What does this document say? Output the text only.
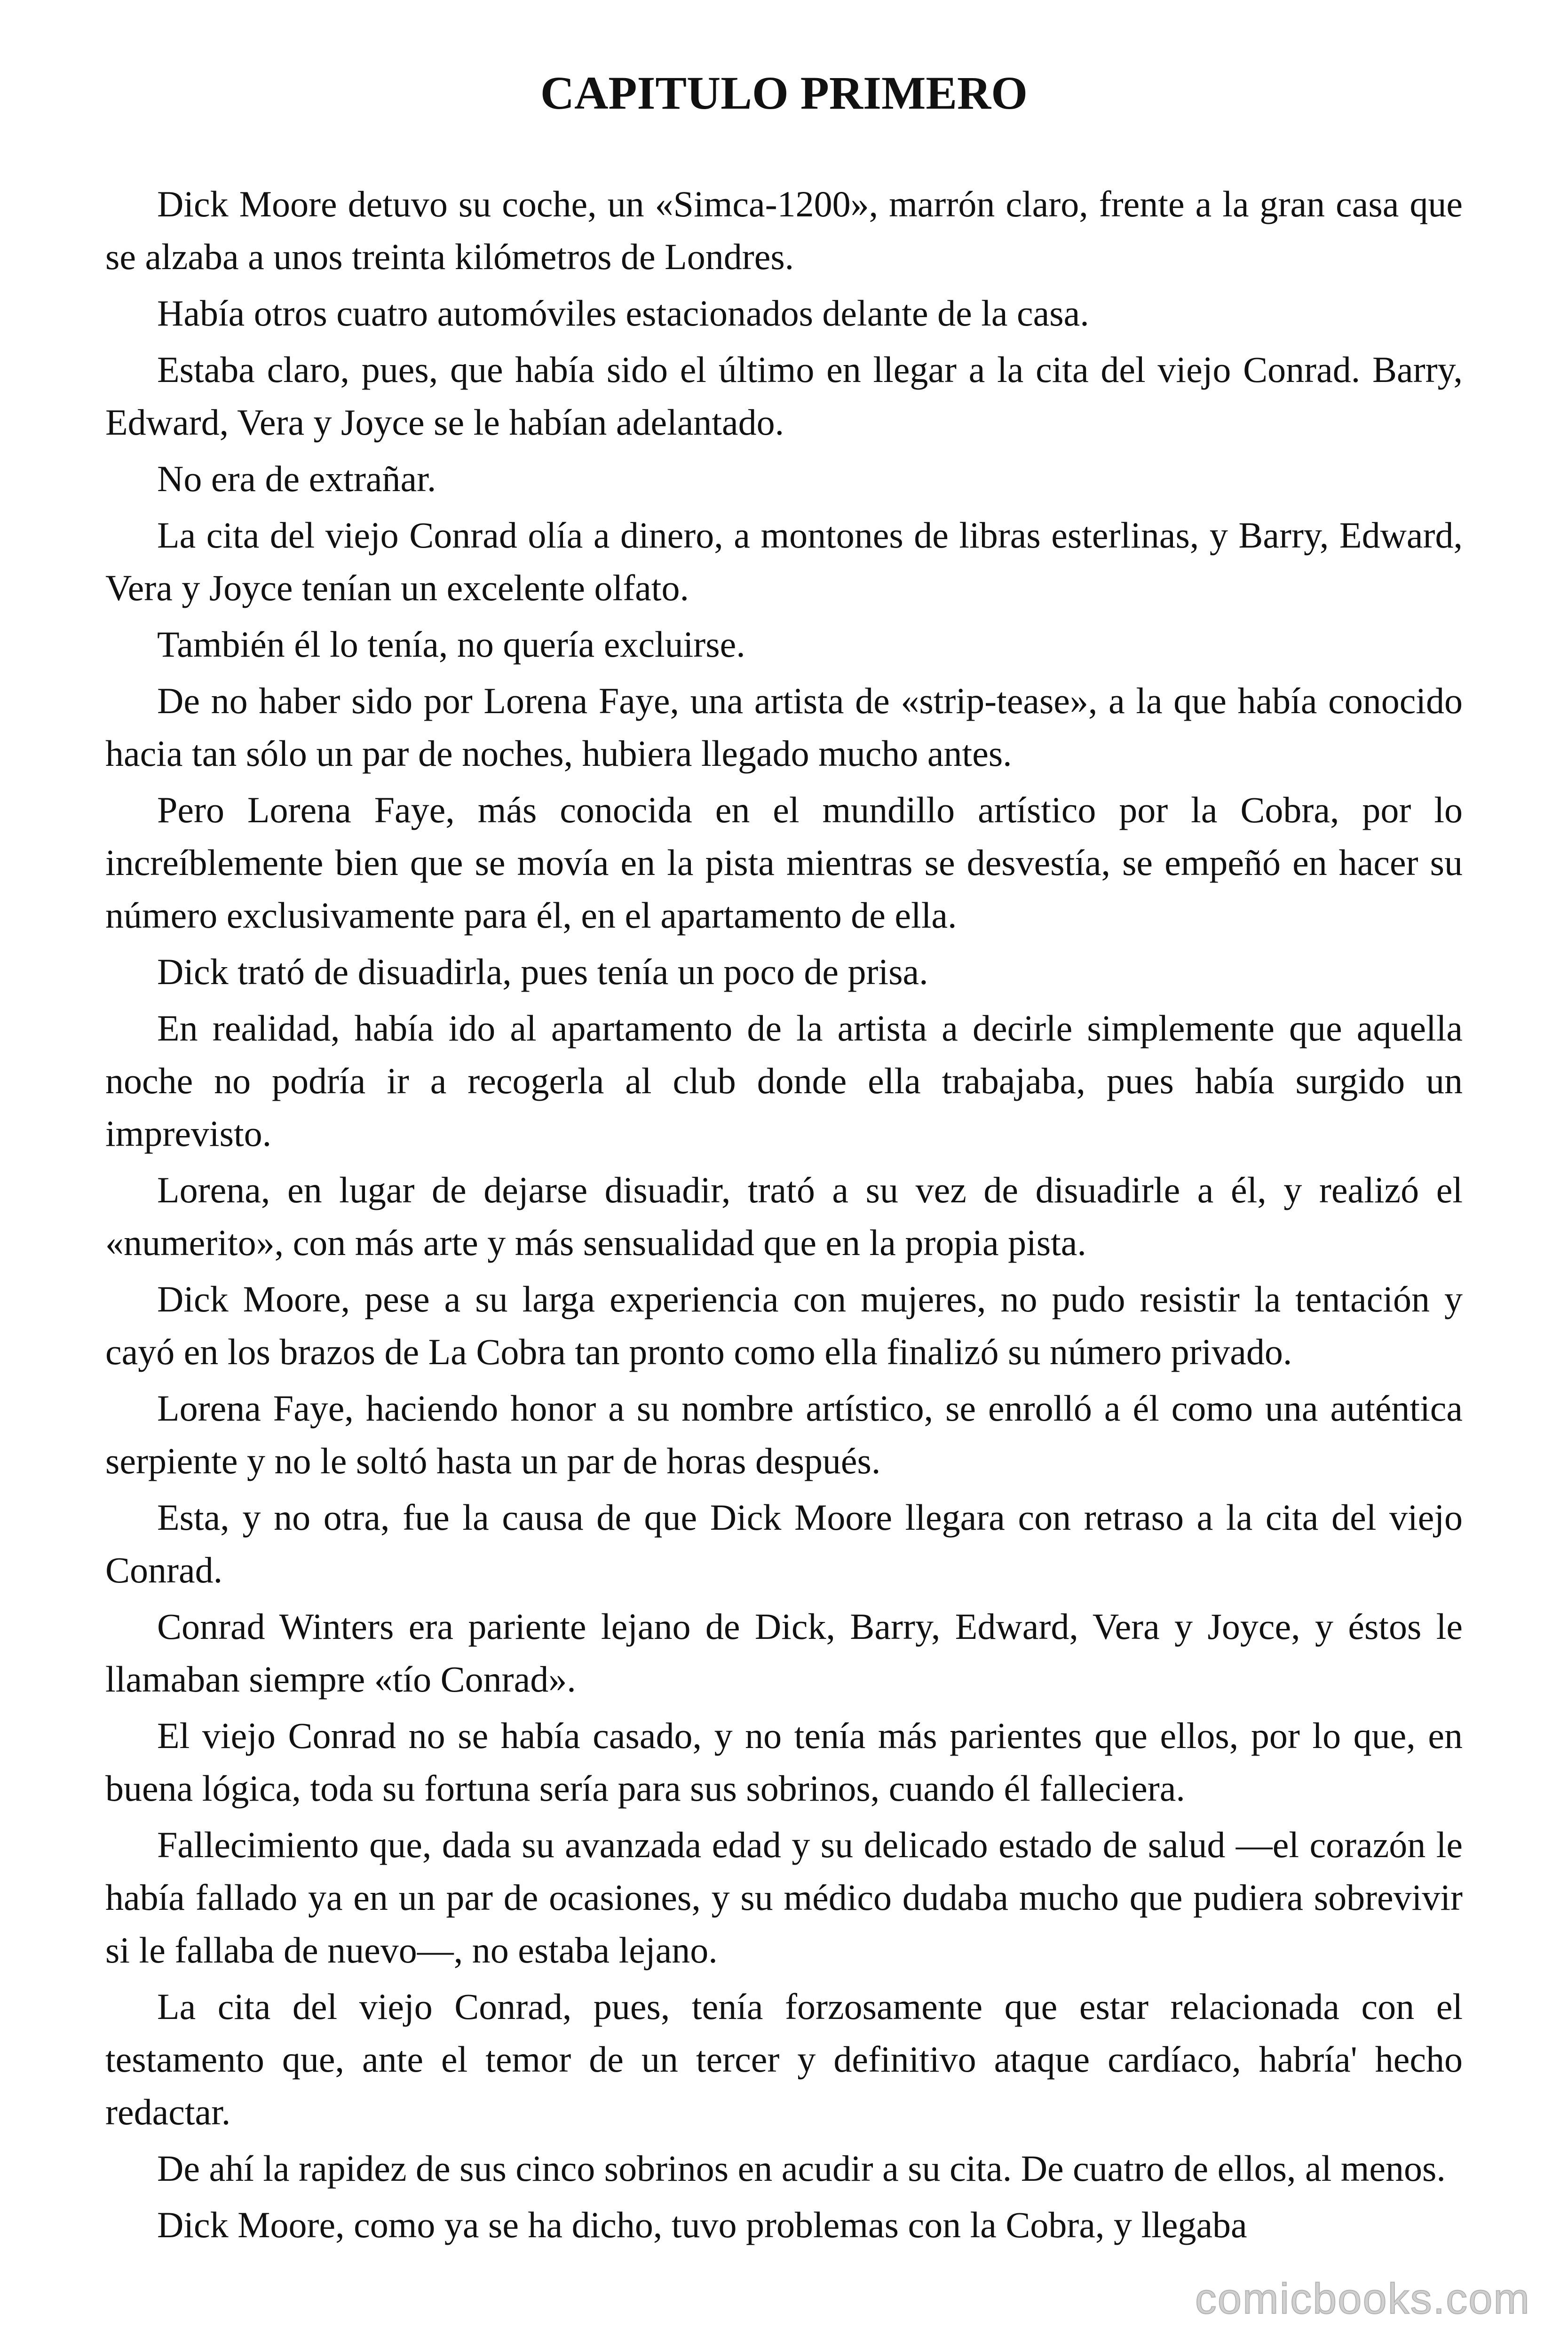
CAPITULO PRIMERO

Dick Moore detuvo su coche, un «Simca-1200», marrón claro, frente a la gran casa que se alzaba a unos treinta kilómetros de Londres.

Había otros cuatro automóviles estacionados delante de la casa.

Estaba claro, pues, que había sido el último en llegar a la cita del viejo Conrad. Barry, Edward, Vera y Joyce se le habían adelantado.

No era de extrañar.

La cita del viejo Conrad olía a dinero, a montones de libras esterlinas, y Barry, Edward, Vera y Joyce tenían un excelente olfato.

También él lo tenía, no quería excluirse.

De no haber sido por Lorena Faye, una artista de «strip-tease», a la que había conocido hacia tan sólo un par de noches, hubiera llegado mucho antes.

Pero Lorena Faye, más conocida en el mundillo artístico por la Cobra, por lo increíblemente bien que se movía en la pista mientras se desvestía, se empeñó en hacer su número exclusivamente para él, en el apartamento de ella.

Dick trató de disuadirla, pues tenía un poco de prisa.

En realidad, había ido al apartamento de la artista a decirle simplemente que aquella noche no podría ir a recogerla al club donde ella trabajaba, pues había surgido un imprevisto.

Lorena, en lugar de dejarse disuadir, trató a su vez de disuadirle a él, y realizó el «numerito», con más arte y más sensualidad que en la propia pista.

Dick Moore, pese a su larga experiencia con mujeres, no pudo resistir la tentación y cayó en los brazos de La Cobra tan pronto como ella finalizó su número privado.

Lorena Faye, haciendo honor a su nombre artístico, se enrolló a él como una auténtica serpiente y no le soltó hasta un par de horas después.

Esta, y no otra, fue la causa de que Dick Moore llegara con retraso a la cita del viejo Conrad.

Conrad Winters era pariente lejano de Dick, Barry, Edward, Vera y Joyce, y éstos le llamaban siempre «tío Conrad».

El viejo Conrad no se había casado, y no tenía más parientes que ellos, por lo que, en buena lógica, toda su fortuna sería para sus sobrinos, cuando él falleciera.

Fallecimiento que, dada su avanzada edad y su delicado estado de salud —el corazón le había fallado ya en un par de ocasiones, y su médico dudaba mucho que pudiera sobrevivir si le fallaba de nuevo—, no estaba lejano.

La cita del viejo Conrad, pues, tenía forzosamente que estar relacionada con el testamento que, ante el temor de un tercer y definitivo ataque cardíaco, habría' hecho redactar.

De ahí la rapidez de sus cinco sobrinos en acudir a su cita. De cuatro de ellos, al menos.

Dick Moore, como ya se ha dicho, tuvo problemas con la Cobra, y llegaba

comicbooks.com
